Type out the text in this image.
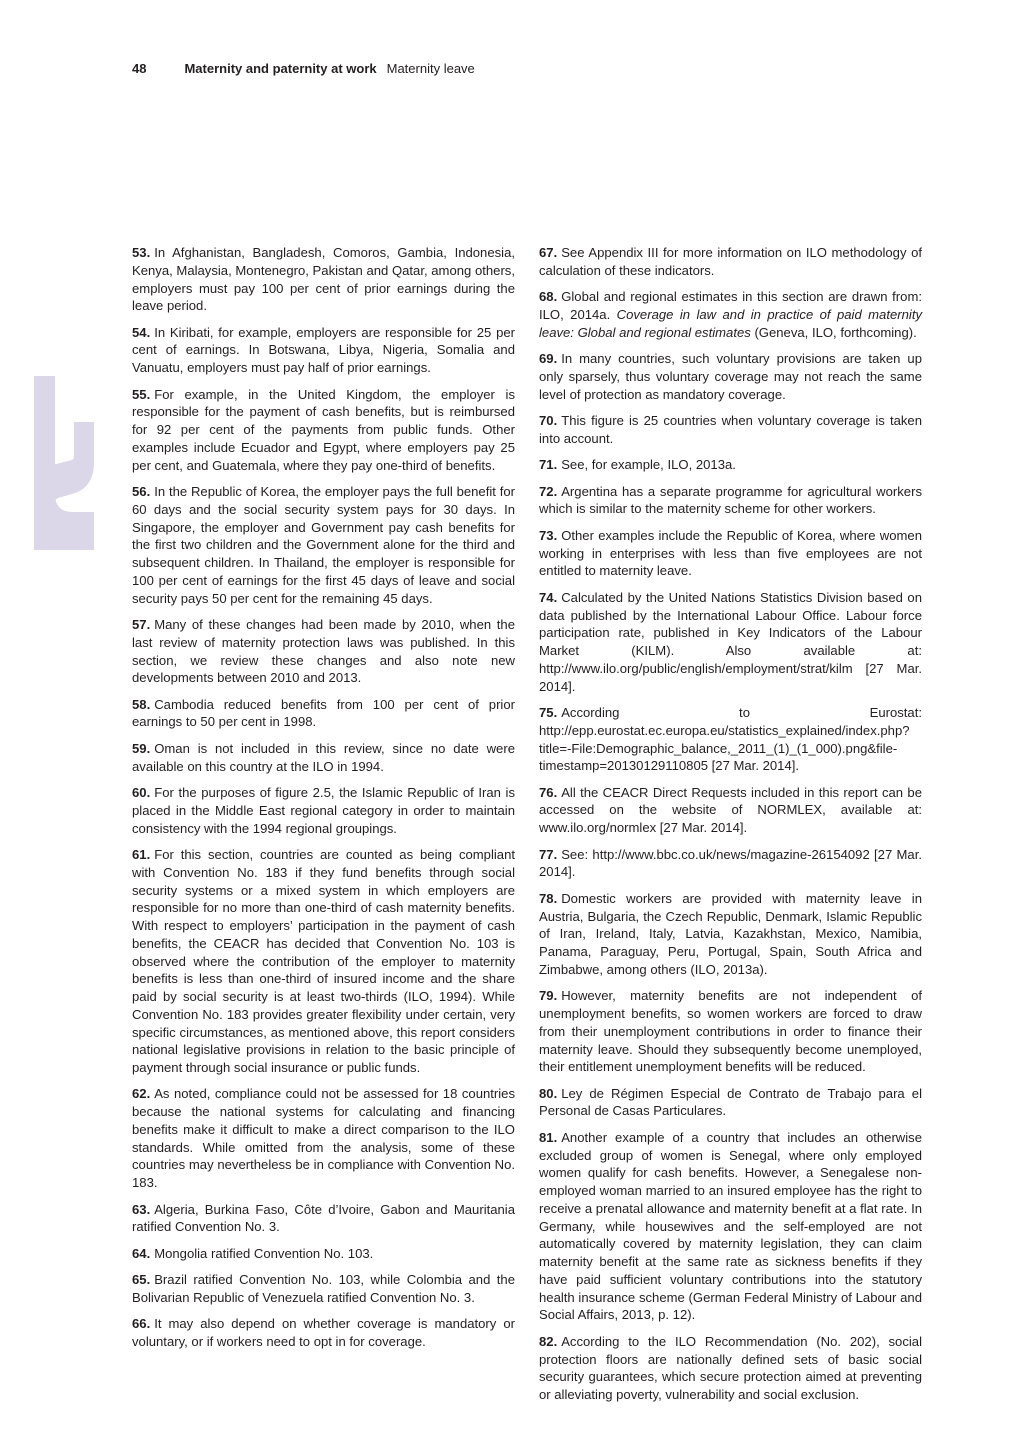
48	Maternity and paternity at work Maternity leave

53. In Afghanistan, Bangladesh, Comoros, Gambia, Indonesia, Kenya, Malaysia, Montenegro, Pakistan and Qatar, among others, employers must pay 100 per cent of prior earnings during the leave period.

54. In Kiribati, for example, employers are responsible for 25 per cent of earnings. In Botswana, Libya, Nigeria, Somalia and Vanuatu, employers must pay half of prior earnings.

55. For example, in the United Kingdom, the employer is responsible for the payment of cash benefits, but is reimbursed for 92 per cent of the payments from public funds. Other examples include Ecuador and Egypt, where employers pay 25 per cent, and Guatemala, where they pay one-third of benefits.

56. In the Republic of Korea, the employer pays the full benefit for 60 days and the social security system pays for 30 days. In Singapore, the employer and Government pay cash benefits for the first two children and the Government alone for the third and subsequent children. In Thailand, the employer is responsible for 100 per cent of earnings for the first 45 days of leave and social security pays 50 per cent for the remaining 45 days.

57. Many of these changes had been made by 2010, when the last review of maternity protection laws was published. In this section, we review these changes and also note new developments between 2010 and 2013.

58. Cambodia reduced benefits from 100 per cent of prior earnings to 50 per cent in 1998.

59. Oman is not included in this review, since no date were available on this country at the ILO in 1994.

60. For the purposes of figure 2.5, the Islamic Republic of Iran is placed in the Middle East regional category in order to maintain consistency with the 1994 regional groupings.

61. For this section, countries are counted as being compliant with Convention No. 183 if they fund benefits through social security systems or a mixed system in which employers are responsible for no more than one-third of cash maternity benefits. With respect to employers’ participation in the payment of cash benefits, the CEACR has decided that Convention No. 103 is observed where the contribution of the employer to maternity benefits is less than one-third of insured income and the share paid by social security is at least two-thirds (ILO, 1994). While Convention No. 183 provides greater flexibility under certain, very specific circumstances, as mentioned above, this report considers national legislative provisions in relation to the basic principle of payment through social insurance or public funds.

62. As noted, compliance could not be assessed for 18 countries because the national systems for calculating and financing benefits make it difficult to make a direct comparison to the ILO standards. While omitted from the analysis, some of these countries may nevertheless be in compliance with Convention No. 183.

63. Algeria, Burkina Faso, Côte d’Ivoire, Gabon and Mauritania ratified Convention No. 3.

64. Mongolia ratified Convention No. 103.

65. Brazil ratified Convention No. 103, while Colombia and the Bolivarian Republic of Venezuela ratified Convention No. 3.

66. It may also depend on whether coverage is mandatory or voluntary, or if workers need to opt in for coverage.

67. See Appendix III for more information on ILO methodology of calculation of these indicators.

68. Global and regional estimates in this section are drawn from: ILO, 2014a. Coverage in law and in practice of paid maternity leave: Global and regional estimates (Geneva, ILO, forthcoming).

69. In many countries, such voluntary provisions are taken up only sparsely, thus voluntary coverage may not reach the same level of protection as mandatory coverage.

70. This figure is 25 countries when voluntary coverage is taken into account.

71. See, for example, ILO, 2013a.

72. Argentina has a separate programme for agricultural workers which is similar to the maternity scheme for other workers.

73. Other examples include the Republic of Korea, where women working in enterprises with less than five employees are not entitled to maternity leave.

74. Calculated by the United Nations Statistics Division based on data published by the International Labour Office. Labour force participation rate, published in Key Indicators of the Labour Market (KILM). Also available at: http://www.ilo.org/public/english/employment/strat/kilm [27 Mar. 2014].

75. According to Eurostat: http://epp.eurostat.ec.europa.eu/statistics_explained/index.php?title=-File:Demographic_balance,_2011_(1)_(1_000).png&file-timestamp=20130129110805 [27 Mar. 2014].

76. All the CEACR Direct Requests included in this report can be accessed on the website of NORMLEX, available at: www.ilo.org/normlex [27 Mar. 2014].

77. See: http://www.bbc.co.uk/news/magazine-26154092 [27 Mar. 2014].

78. Domestic workers are provided with maternity leave in Austria, Bulgaria, the Czech Republic, Denmark, Islamic Republic of Iran, Ireland, Italy, Latvia, Kazakhstan, Mexico, Namibia, Panama, Paraguay, Peru, Portugal, Spain, South Africa and Zimbabwe, among others (ILO, 2013a).

79. However, maternity benefits are not independent of unemployment benefits, so women workers are forced to draw from their unemployment contributions in order to finance their maternity leave. Should they subsequently become unemployed, their entitlement unemployment benefits will be reduced.

80. Ley de Régimen Especial de Contrato de Trabajo para el Personal de Casas Particulares.

81. Another example of a country that includes an otherwise excluded group of women is Senegal, where only employed women qualify for cash benefits. However, a Senegalese non-employed woman married to an insured employee has the right to receive a prenatal allowance and maternity benefit at a flat rate. In Germany, while housewives and the self-employed are not automatically covered by maternity legislation, they can claim maternity benefit at the same rate as sickness benefits if they have paid sufficient voluntary contributions into the statutory health insurance scheme (German Federal Ministry of Labour and Social Affairs, 2013, p. 12).

82. According to the ILO Recommendation (No. 202), social protection floors are nationally defined sets of basic social security guarantees, which secure protection aimed at preventing or alleviating poverty, vulnerability and social exclusion.
